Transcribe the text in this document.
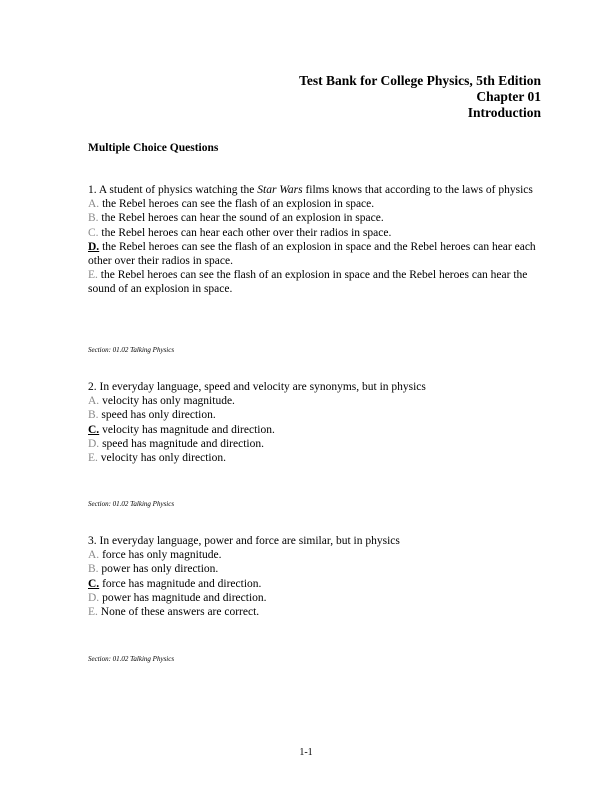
Test Bank for College Physics, 5th Edition
Chapter 01
Introduction
Multiple Choice Questions
1. A student of physics watching the Star Wars films knows that according to the laws of physics
A. the Rebel heroes can see the flash of an explosion in space.
B. the Rebel heroes can hear the sound of an explosion in space.
C. the Rebel heroes can hear each other over their radios in space.
D. the Rebel heroes can see the flash of an explosion in space and the Rebel heroes can hear each other over their radios in space.
E. the Rebel heroes can see the flash of an explosion in space and the Rebel heroes can hear the sound of an explosion in space.
Section: 01.02 Talking Physics
2. In everyday language, speed and velocity are synonyms, but in physics
A. velocity has only magnitude.
B. speed has only direction.
C. velocity has magnitude and direction.
D. speed has magnitude and direction.
E. velocity has only direction.
Section: 01.02 Talking Physics
3. In everyday language, power and force are similar, but in physics
A. force has only magnitude.
B. power has only direction.
C. force has magnitude and direction.
D. power has magnitude and direction.
E. None of these answers are correct.
Section: 01.02 Talking Physics
1-1
